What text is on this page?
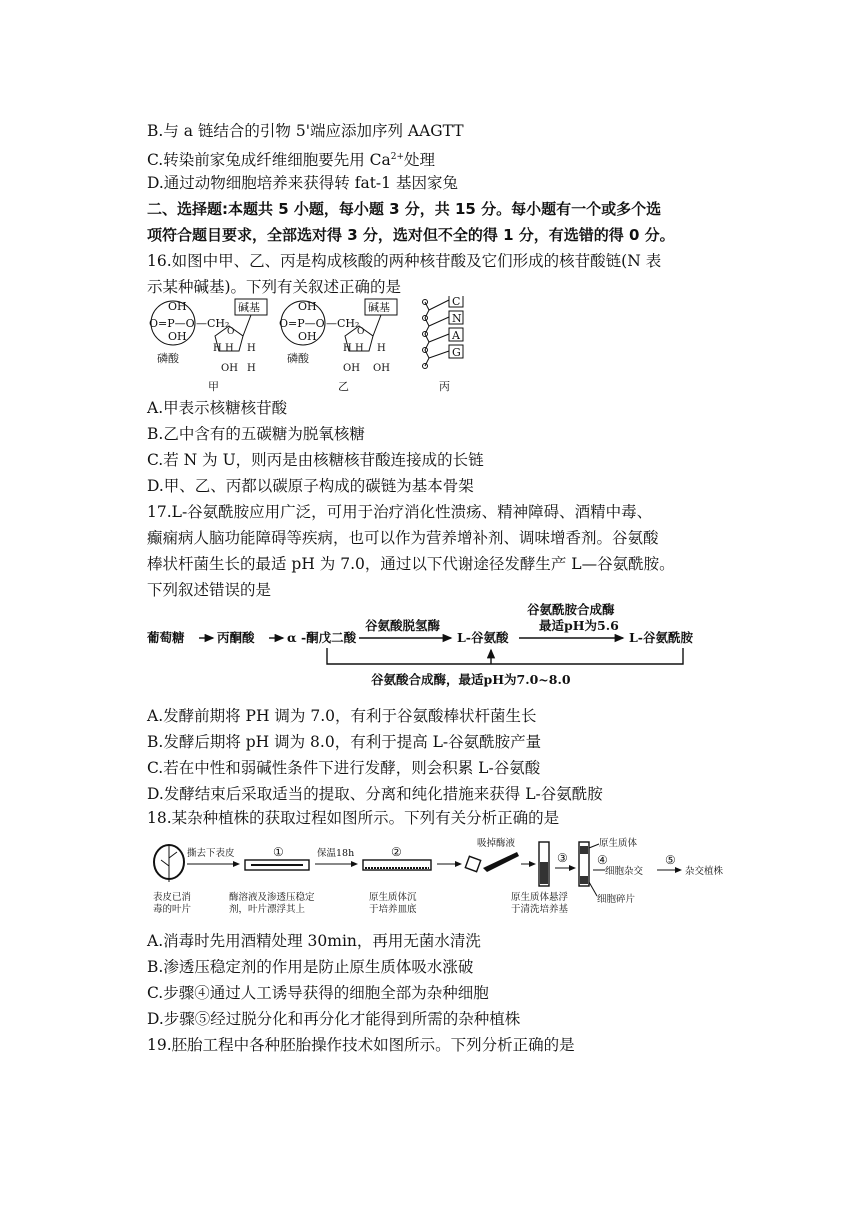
B.与 a 链结合的引物 5'端应添加序列 AAGTT
C.转染前家兔成纤维细胞要先用 $Ca^{2+}$处理
D.通过动物细胞培养来获得转 fat-1 基因家兔
二、选择题:本题共 5 小题，每小题 3 分，共 15 分。每小题有一个或多个选
项符合题目要求，全部选对得 3 分，选对但不全的得 1 分，有选错的得 0 分。
16.如图中甲、乙、丙是构成核酸的两种核苷酸及它们形成的核苷酸链(N 表
示某种碱基)。下列有关叙述正确的是
OH
O=P—O
OH
—CH₂
O
碱基
H H H
OH H
磷酸
甲
OH
O=P—O
OH
—CH₂
O
碱基
H H H
OH OH
磷酸
乙
C
N
A
G
丙
A.甲表示核糖核苷酸
B.乙中含有的五碳糖为脱氧核糖
C.若 N 为 U，则丙是由核糖核苷酸连接成的长链
D.甲、乙、丙都以碳原子构成的碳链为基本骨架
17.L-谷氨酰胺应用广泛，可用于治疗消化性溃疡、精神障碍、酒精中毒、
癫痫病人脑功能障碍等疾病，也可以作为营养增补剂、调味增香剂。谷氨酸
棒状杆菌生长的最适 pH 为 7.0，通过以下代谢途径发酵生产 L—谷氨酰胺。
下列叙述错误的是
葡萄糖	丙酮酸	α -酮戊二酸
谷氨酸脱氢酶
L-谷氨酸
谷氨酰胺合成酶
最适pH为5.6
L-谷氨酰胺
谷氨酸合成酶，最适pH为7.0~8.0
A.发酵前期将 PH 调为 7.0，有利于谷氨酸棒状杆菌生长
B.发酵后期将 pH 调为 8.0，有利于提高 L-谷氨酰胺产量
C.若在中性和弱碱性条件下进行发酵，则会积累 L-谷氨酸
D.发酵结束后采取适当的提取、分离和纯化措施来获得 L-谷氨酰胺
18.某杂种植株的获取过程如图所示。下列有关分析正确的是
表皮已消
毒的叶片
撕去下表皮	①
酶溶液及渗透压稳定
剂，叶片漂浮其上
保温18h	②
原生质体沉
于培养皿底
吸掉酶液
原生质体悬浮
于清洗培养基
③
原生质体
④
细胞杂交
⑤
杂交植株
细胞碎片
A.消毒时先用酒精处理 30min，再用无菌水清洗
B.渗透压稳定剂的作用是防止原生质体吸水涨破
C.步骤④通过人工诱导获得的细胞全部为杂种细胞
D.步骤⑤经过脱分化和再分化才能得到所需的杂种植株
19.胚胎工程中各种胚胎操作技术如图所示。下列分析正确的是
